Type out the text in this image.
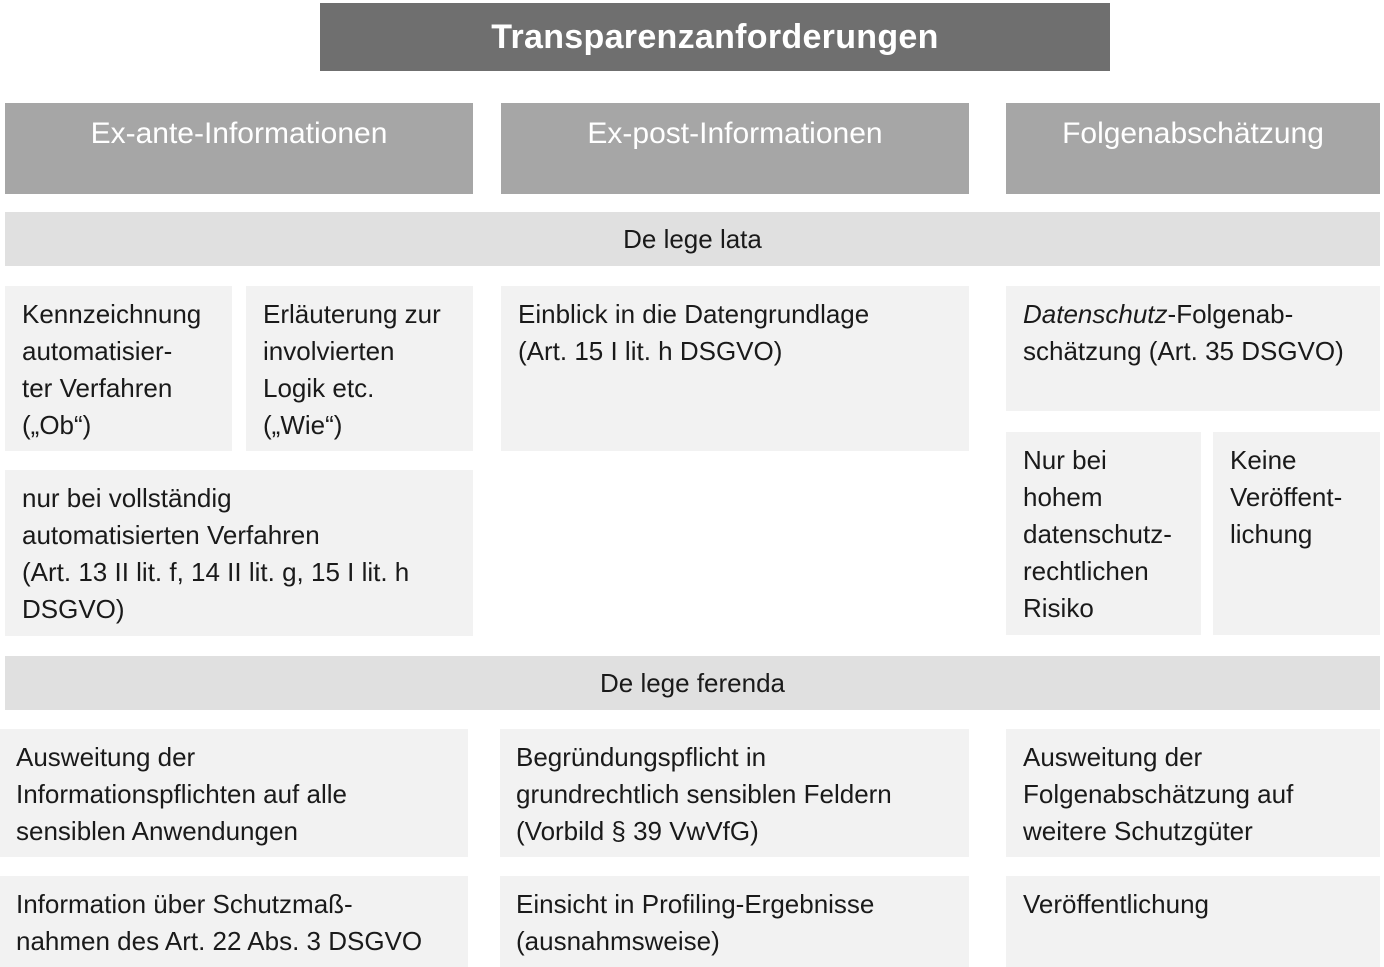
Transparenzanforderungen
Ex-ante-Informationen	Ex-post-Informationen	Folgenabschätzung
De lege lata
Kennzeichnung
automatisier-
ter Verfahren
(„Ob“)
Erläuterung zur
involvierten
Logik etc.
(„Wie“)
nur bei vollständig
automatisierten Verfahren
(Art. 13 II lit. f, 14 II lit. g, 15 I lit. h
DSGVO)
Einblick in die Datengrundlage
(Art. 15 I lit. h DSGVO)
Datenschutz-Folgenab-
schätzung (Art. 35 DSGVO)
Nur bei
hohem
datenschutz-
rechtlichen
Risiko
Keine
Veröffent-
lichung
De lege ferenda
Ausweitung der
Informationspflichten auf alle
sensiblen Anwendungen
Begründungspflicht in
grundrechtlich sensiblen Feldern
(Vorbild § 39 VwVfG)
Ausweitung der
Folgenabschätzung auf
weitere Schutzgüter
Information über Schutzmaß-
nahmen des Art. 22 Abs. 3 DSGVO
Einsicht in Profiling-Ergebnisse
(ausnahmsweise)
Veröffentlichung
